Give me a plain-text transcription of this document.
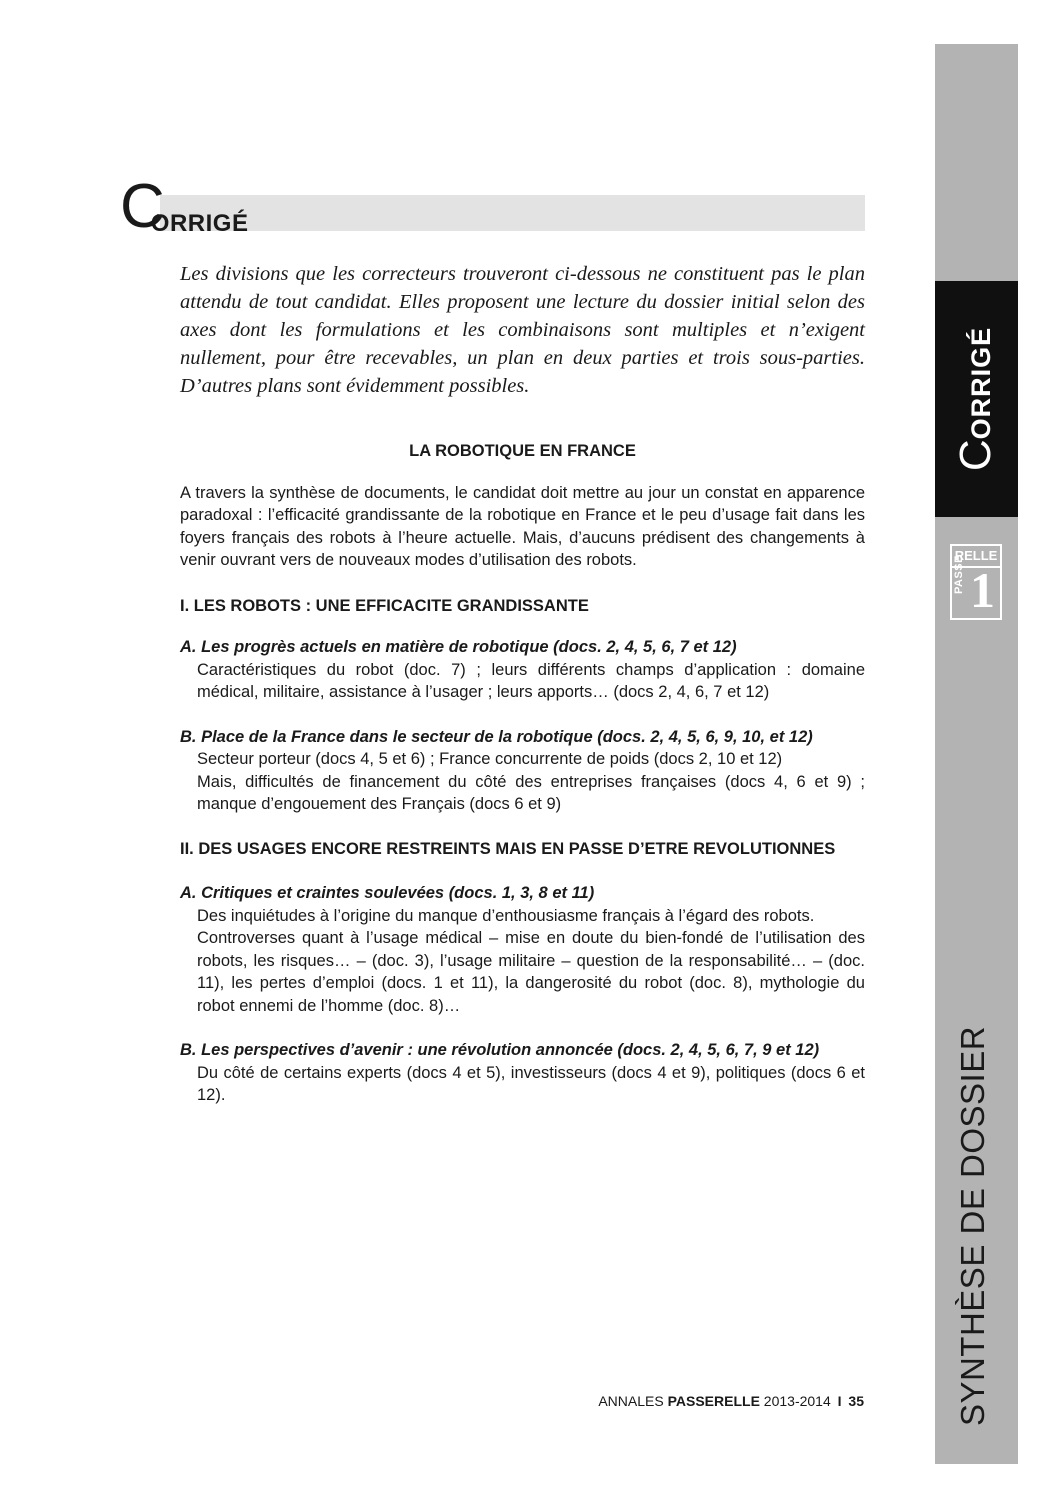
CORRIGÉ
RELLE
PASSE 1
SYNTHÈSE DE DOSSIER
CORRIGÉ

Les divisions que les correcteurs trouveront ci-dessous ne constituent pas le plan attendu de tout candidat. Elles proposent une lecture du dossier initial selon des axes dont les formulations et les combinaisons sont multiples et n’exigent nullement, pour être recevables, un plan en deux parties et trois sous-parties. D’autres plans sont évidemment possibles.

LA ROBOTIQUE EN FRANCE

A travers la synthèse de documents, le candidat doit mettre au jour un constat en apparence paradoxal : l’efficacité grandissante de la robotique en France et le peu d’usage fait dans les foyers français des robots à l’heure actuelle. Mais, d’aucuns prédisent des changements à venir ouvrant vers de nouveaux modes d’utilisation des robots.

I. LES ROBOTS : UNE EFFICACITE GRANDISSANTE

A. Les progrès actuels en matière de robotique (docs. 2, 4, 5, 6, 7 et 12)

Caractéristiques du robot (doc. 7) ; leurs différents champs d’application : domaine médical, militaire, assistance à l’usager ; leurs apports… (docs 2, 4, 6, 7 et 12)

B. Place de la France dans le secteur de la robotique (docs. 2, 4, 5, 6, 9, 10, et 12)

Secteur porteur (docs 4, 5 et 6) ; France concurrente de poids (docs 2, 10 et 12)

Mais, difficultés de financement du côté des entreprises françaises (docs 4, 6 et 9) ; manque d’engouement des Français (docs 6 et 9)

II. DES USAGES ENCORE RESTREINTS MAIS EN PASSE D’ETRE REVOLUTIONNES

A. Critiques et craintes soulevées (docs. 1, 3, 8 et 11)

Des inquiétudes à l’origine du manque d’enthousiasme français à l’égard des robots.

Controverses quant à l’usage médical – mise en doute du bien-fondé de l’utilisation des robots, les risques… – (doc. 3), l’usage militaire – question de la responsabilité… – (doc. 11), les pertes d’emploi (docs. 1 et 11), la dangerosité du robot (doc. 8), mythologie du robot ennemi de l’homme (doc. 8)…

B. Les perspectives d’avenir : une révolution annoncée (docs. 2, 4, 5, 6, 7, 9 et 12)

Du côté de certains experts (docs 4 et 5), investisseurs (docs 4 et 9), politiques (docs 6 et 12).

ANNALES PASSERELLE 2013-2014 I 35
